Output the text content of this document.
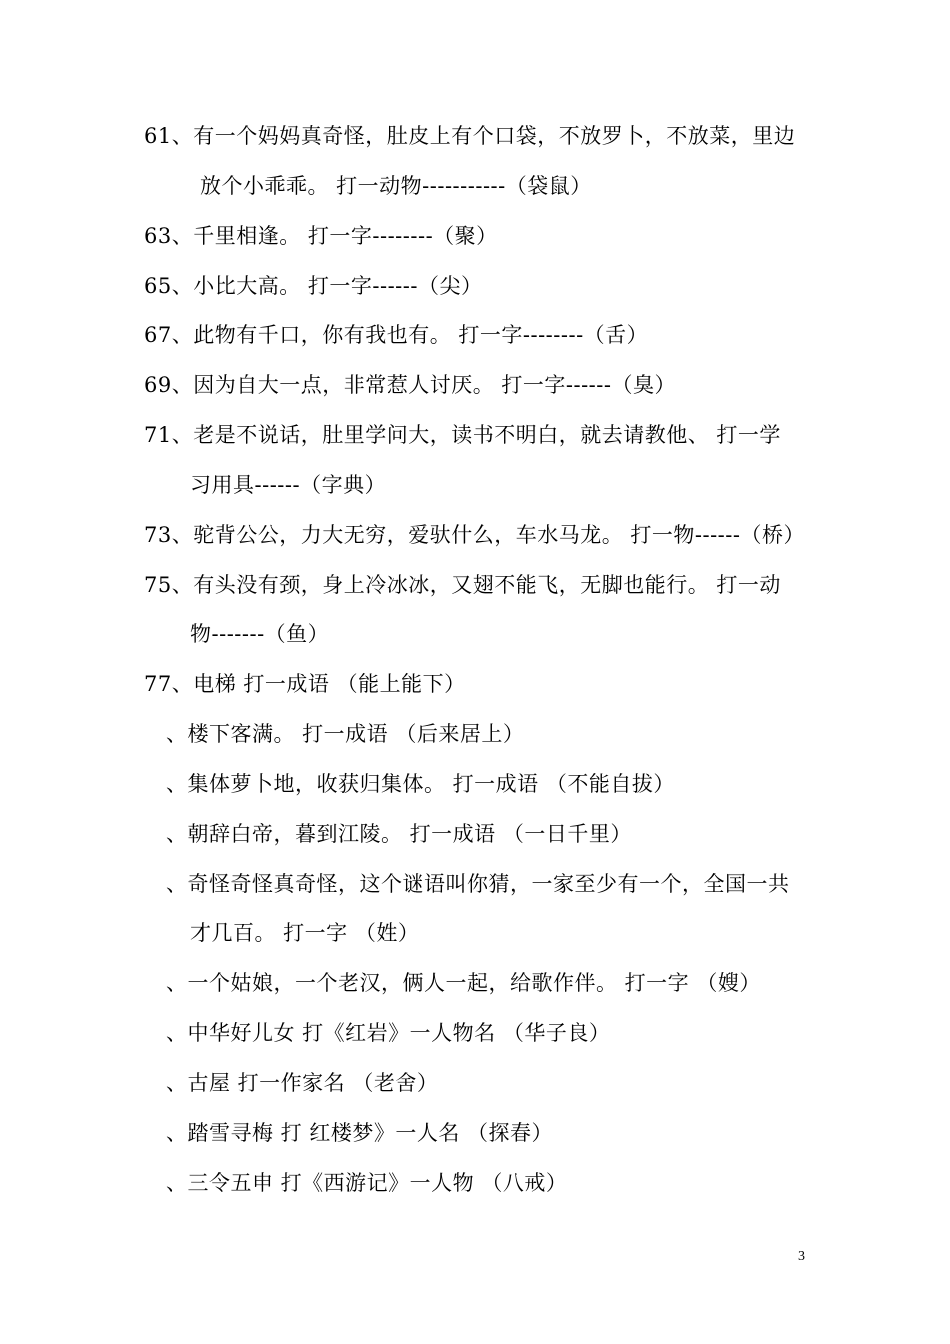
61、有一个妈妈真奇怪，肚皮上有个口袋，不放罗卜，不放菜，里边
放个小乖乖。 打一动物-----------（袋鼠）
63、千里相逢。 打一字--------（聚）
65、小比大高。 打一字------（尖）
67、此物有千口，你有我也有。 打一字--------（舌）
69、因为自大一点，非常惹人讨厌。 打一字------（臭）
71、老是不说话，肚里学问大，读书不明白，就去请教他、 打一学
习用具------（字典）
73、驼背公公，力大无穷，爱驮什么，车水马龙。 打一物------（桥）
75、有头没有颈，身上冷冰冰，又翅不能飞，无脚也能行。 打一动
物-------（鱼）
77、电梯 打一成语 （能上能下）
、楼下客满。 打一成语 （后来居上）
、集体萝卜地，收获归集体。 打一成语 （不能自拔）
、朝辞白帝，暮到江陵。 打一成语 （一日千里）
、奇怪奇怪真奇怪，这个谜语叫你猜，一家至少有一个，全国一共
才几百。 打一字 （姓）
、一个姑娘，一个老汉，俩人一起，给歌作伴。 打一字 （嫂）
、中华好儿女 打《红岩》一人物名 （华子良）
、古屋 打一作家名 （老舍）
、踏雪寻梅 打 红楼梦》一人名 （探春）
、三令五申 打《西游记》一人物 （八戒）
3
